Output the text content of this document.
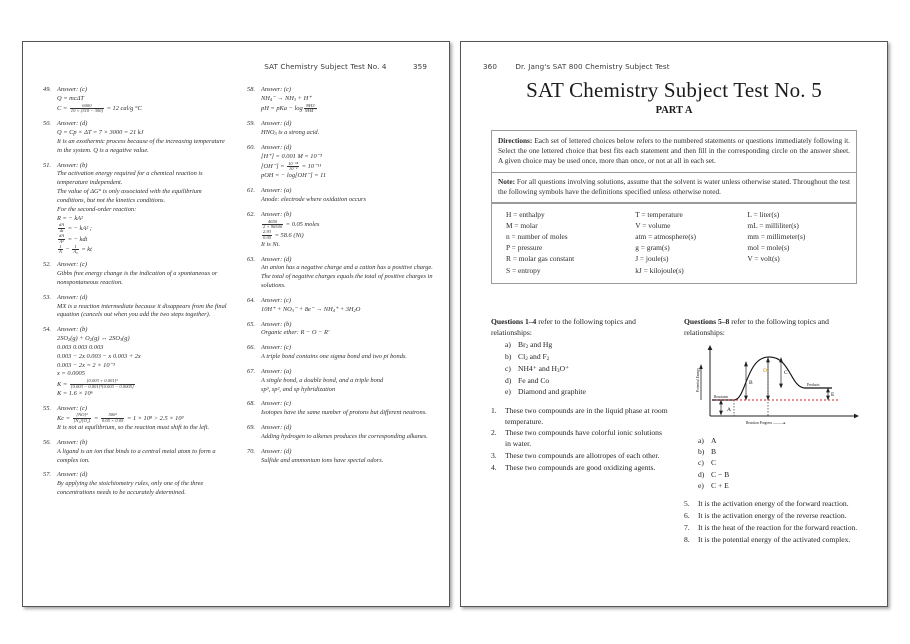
SAT Chemistry Subject Test No. 4	359
49. Answer: (c)
Q = mcΔT
$C = \frac{6000}{10 \times (310 - 300)} = 12$ cal/g °C
50. Answer: (d)
Q = Cp × ΔT = 7 × 3000 = 21 kJ
It is an exothermic process because of the increasing temperature in the system. Q is a negative value.
51. Answer: (b)
The activation energy required for a chemical reaction is temperature independent.
The value of ΔG° is only associated with the equilibrium conditions, but not the kinetics conditions.
For the second-order reaction:
R = − kA²
$\frac{dA}{dt}$ = − kA² ;
$\frac{dA}{\text{A²}}$ = − kdt
$\frac{1}{A} - \frac{1}{\text{A₀}}$ = kt
52. Answer: (c)
Gibbs free energy change is the indication of a spontaneous or nonspontaneous reaction.
53. Answer: (d)
MX is a reaction intermediate because it disappears from the final equation (cancels out when you add the two steps together).
54. Answer: (b)
$2SO_2(g) + O_2(g)$ ↔ $2SO_3(g)$
0.003 0.003 0.003
0.003 − 2x 0.003 − x 0.003 + 2x
0.003 − 2x = 2 × 10⁻³
x = 0.0005
$K = \frac{\text{[0.003 + 0.001]²}}{\text{[0.003 − 0.001]²[0.003 − 0.0005]}}$
K = 1.6 × 10⁶
55. Answer: (c)
$Kc = \frac{\text{[NO]²}}{\text{[N₂][O₂]}} = \frac{\text{500²}}{0.05 \times 0.05} = 1 \times 10^8 > 2.5 \times 10^3$
It is not at equilibrium, so the reaction must shift to the left.
56. Answer: (b)
A ligand is an ion that binds to a central metal atom to form a complex ion.
57. Answer: (d)
By applying the stoichiometry rules, only one of the three concentrations needs to be accurately determined.
58. Answer: (c)
$NH_4^- \to NH_3 + H^+$
pH = pKa − $\log \frac{NH3}{NH4^-}$
59. Answer: (d)
$HNO_3$ is a strong acid.
60. Answer: (d)
[H⁺] = 0.001 M = 10⁻³
$[OH^-] = \frac{\text{10⁻¹⁴}}{\text{10⁻³}} = 10^{-11}$
pOH = − log[OH⁻] = 11
61. Answer: (a)
Anode: electrode where oxidation occurs
62. Answer: (b)
$\frac{4650}{2 \times 96500} = 0.05$ moles
$\frac{2.93}{0.05} = 58.6$ (Ni)
It is Ni.
63. Answer: (d)
An anion has a negative charge and a cation has a positive charge.
The total of negative charges equals the total of positive charges in solutions.
64. Answer: (c)
$10H^+ + NO_3^- + 8e^- \to NH_4^+ + 3H_2O$
65. Answer: (b)
Organic ether: R − O − R'
66. Answer: (c)
A triple bond contains one sigma bond and two pi bonds.
67. Answer: (a)
A single bond, a double bond, and a triple bond
sp³, sp², and sp hybridization
68. Answer: (c)
Isotopes have the same number of protons but different neutrons.
69. Answer: (d)
Adding hydrogen to alkenes produces the corresponding alkanes.
70. Answer: (d)
Sulfide and ammonium ions have special odors.
360	Dr. Jang's SAT 800 Chemistry Subject Test
SAT Chemistry Subject Test No. 5
PART A
Directions: Each set of lettered choices below refers to the numbered statements or questions immediately following it. Select the one lettered choice that best fits each statement and then fill in the corresponding circle on the answer sheet. A given choice may be used once, more than once, or not at all in each set.
Note: For all questions involving solutions, assume that the solvent is water unless otherwise stated. Throughout the test the following symbols have the definitions specified unless otherwise noted.
H = enthalpy	T = temperature	L = liter(s)
M = molar	V = volume	mL = milliliter(s)
n = number of moles	atm = atmosphere(s)	mm = millimeter(s)
P = pressure	g = gram(s)	mol = mole(s)
R = molar gas constant	J = joule(s)	V = volt(s)
S = entropy	kJ = kilojoule(s)	
Questions 1–4 refer to the following topics and relationships:
a) $Br_2$ and Hg
b) $Cl_2$ and $F_2$
c) NH4⁺ and $H_3O^+$
d) Fe and Co
e) Diamond and graphite
1.	These two compounds are in the liquid phase at room temperature.
2.	These two compounds have colorful ionic solutions in water.
3.	These two compounds are allotropes of each other.
4.	These two compounds are good oxidizing agents.
Questions 5–8 refer to the following topics and relationships:
A
B
D	C
E
Reactants
Products
Reaction Progress ———▸
Potential Energy
a) A
b) B
c) C
d) C − B
e) C + E
5.	It is the activation energy of the forward reaction.
6.	It is the activation energy of the reverse reaction.
7.	It is the heat of the reaction for the forward reaction.
8.	It is the potential energy of the activated complex.
